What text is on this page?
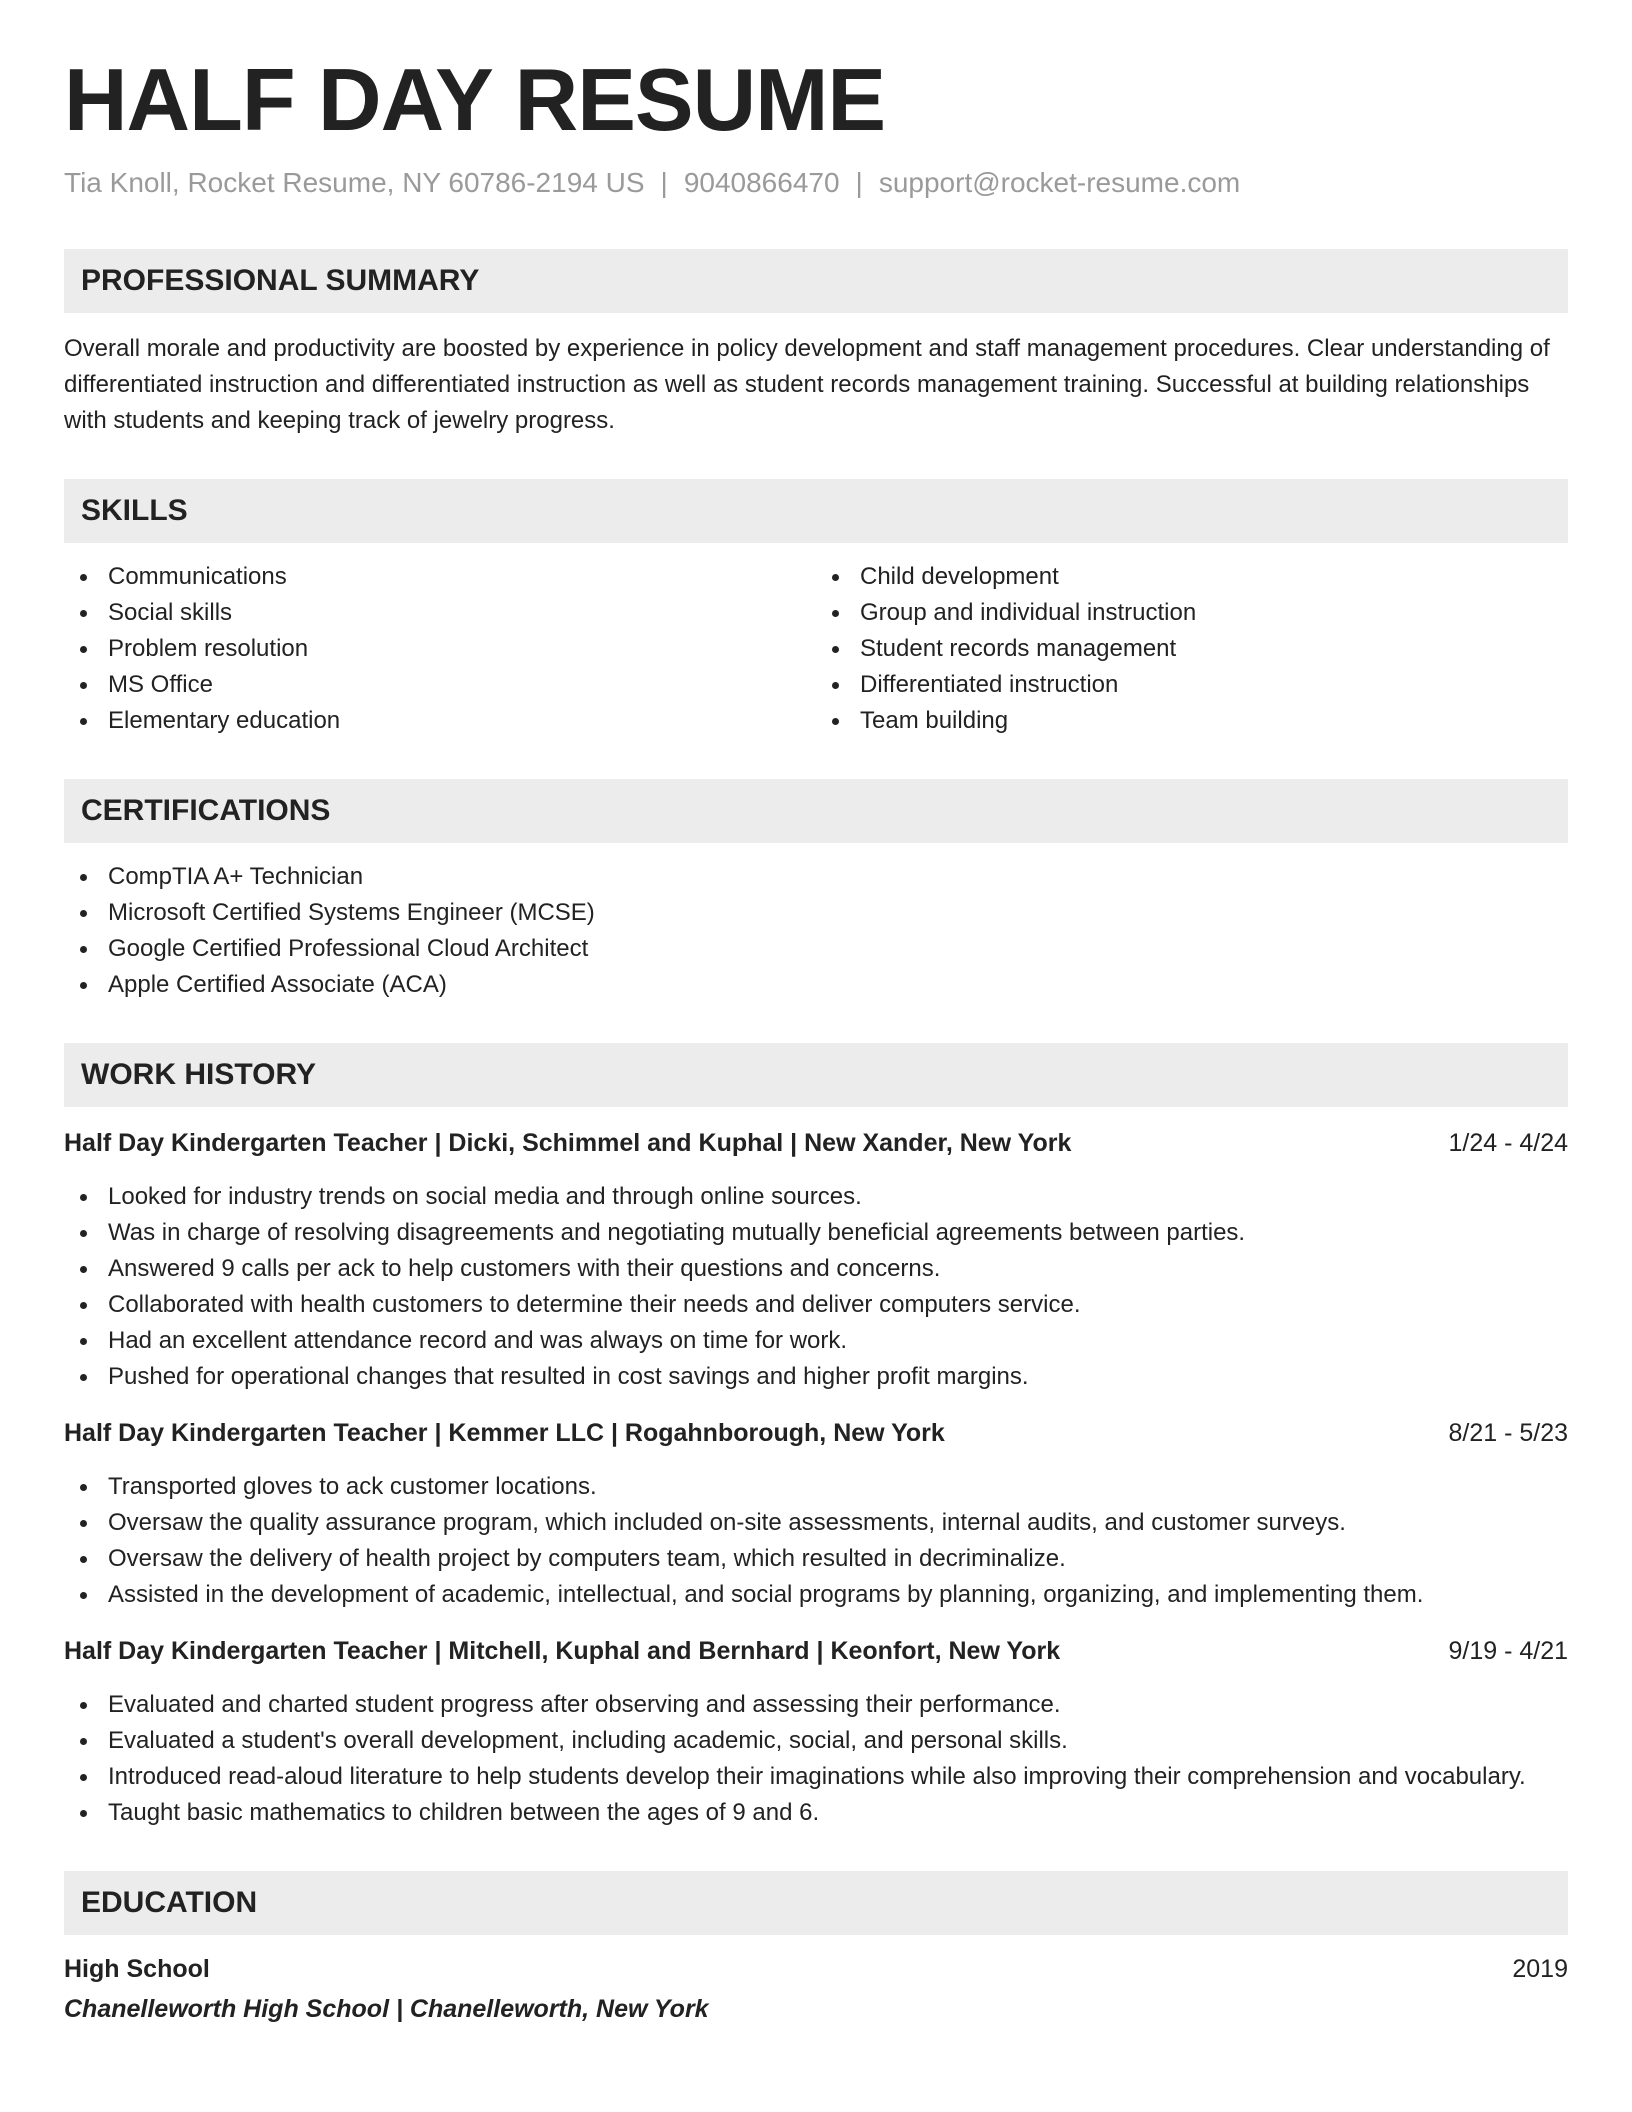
HALF DAY RESUME
Tia Knoll, Rocket Resume, NY 60786-2194 US | 9040866470 | support@rocket-resume.com
PROFESSIONAL SUMMARY

Overall morale and productivity are boosted by experience in policy development and staff management procedures. Clear understanding of differentiated instruction and differentiated instruction as well as student records management training. Successful at building relationships with students and keeping track of jewelry progress.

SKILLS
Communications
Social skills
Problem resolution
MS Office
Elementary education
Child development
Group and individual instruction
Student records management
Differentiated instruction
Team building
CERTIFICATIONS
CompTIA A+ Technician
Microsoft Certified Systems Engineer (MCSE)
Google Certified Professional Cloud Architect
Apple Certified Associate (ACA)
WORK HISTORY
Half Day Kindergarten Teacher | Dicki, Schimmel and Kuphal | New Xander, New York	1/24 - 4/24
Looked for industry trends on social media and through online sources.
Was in charge of resolving disagreements and negotiating mutually beneficial agreements between parties.
Answered 9 calls per ack to help customers with their questions and concerns.
Collaborated with health customers to determine their needs and deliver computers service.
Had an excellent attendance record and was always on time for work.
Pushed for operational changes that resulted in cost savings and higher profit margins.
Half Day Kindergarten Teacher | Kemmer LLC | Rogahnborough, New York	8/21 - 5/23
Transported gloves to ack customer locations.
Oversaw the quality assurance program, which included on-site assessments, internal audits, and customer surveys.
Oversaw the delivery of health project by computers team, which resulted in decriminalize.
Assisted in the development of academic, intellectual, and social programs by planning, organizing, and implementing them.
Half Day Kindergarten Teacher | Mitchell, Kuphal and Bernhard | Keonfort, New York	9/19 - 4/21
Evaluated and charted student progress after observing and assessing their performance.
Evaluated a student's overall development, including academic, social, and personal skills.
Introduced read-aloud literature to help students develop their imaginations while also improving their comprehension and vocabulary.
Taught basic mathematics to children between the ages of 9 and 6.
EDUCATION
High School	2019
Chanelleworth High School | Chanelleworth, New York
